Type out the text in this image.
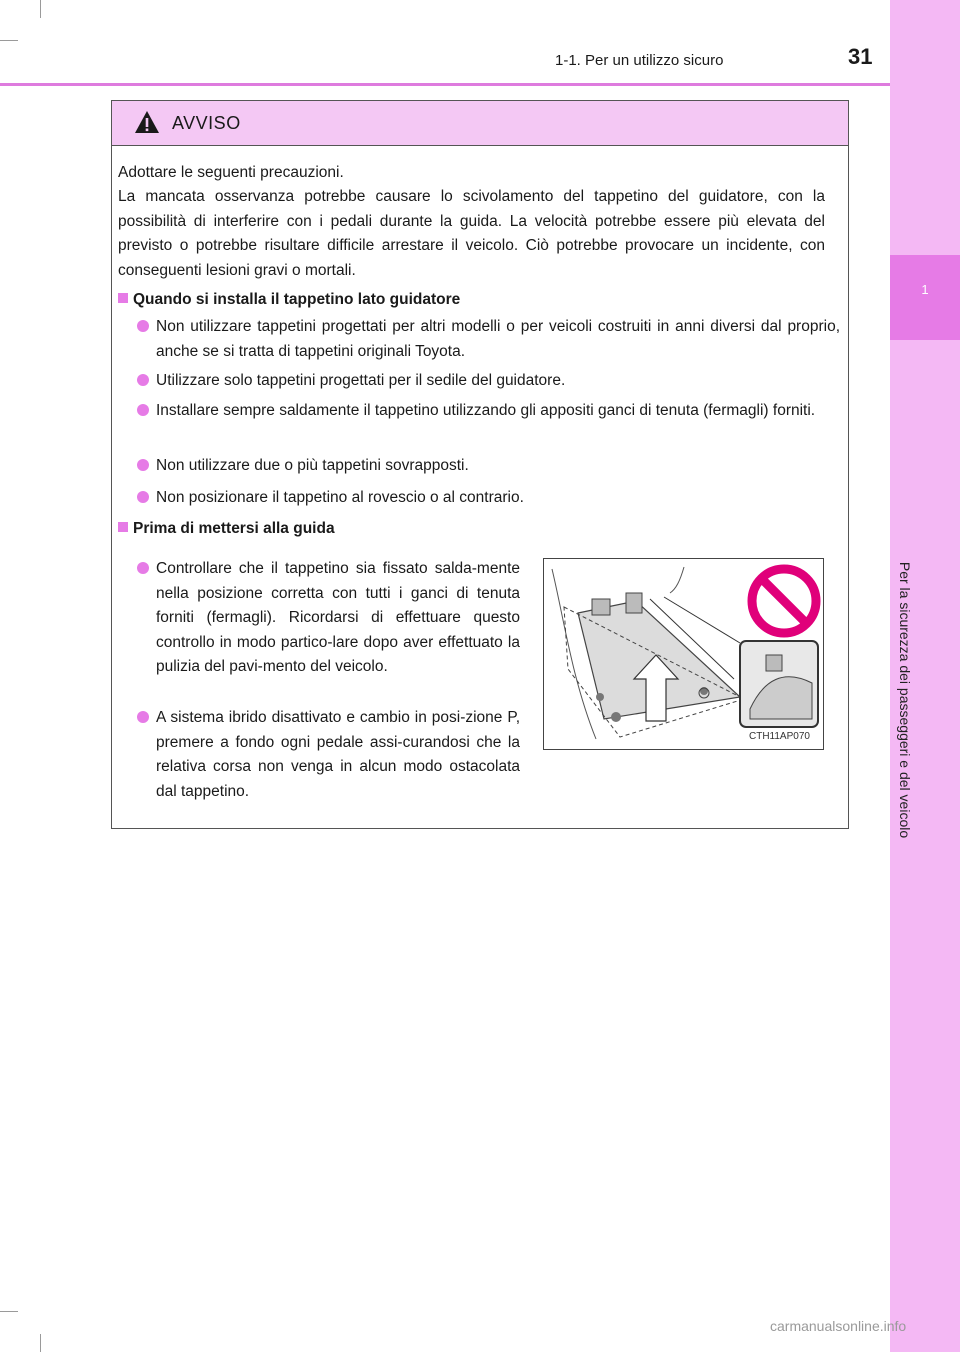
1
Per la sicurezza dei passeggeri e del veicolo
1-1. Per un utilizzo sicuro	31
AVVISO
Adottare le seguenti precauzioni.
La mancata osservanza potrebbe causare lo scivolamento del tappetino del guidatore, con la possibilità di interferire con i pedali durante la guida. La velocità potrebbe essere più elevata del previsto o potrebbe risultare difficile arrestare il veicolo. Ciò potrebbe provocare un incidente, con conseguenti lesioni gravi o mortali.
Quando si installa il tappetino lato guidatore
Non utilizzare tappetini progettati per altri modelli o per veicoli costruiti in anni diversi dal proprio, anche se si tratta di tappetini originali Toyota.
Utilizzare solo tappetini progettati per il sedile del guidatore.
Installare sempre saldamente il tappetino utilizzando gli appositi ganci di tenuta (fermagli) forniti.
Non utilizzare due o più tappetini sovrapposti.
Non posizionare il tappetino al rovescio o al contrario.
Prima di mettersi alla guida
Controllare che il tappetino sia fissato salda-mente nella posizione corretta con tutti i ganci di tenuta forniti (fermagli). Ricordarsi di effettuare questo controllo in modo partico-lare dopo aver effettuato la pulizia del pavi-mento del veicolo.
A sistema ibrido disattivato e cambio in posi-zione P, premere a fondo ogni pedale assi-curandosi che la relativa corsa non venga in alcun modo ostacolata dal tappetino.
CTH11AP070
carmanualsonline.info
